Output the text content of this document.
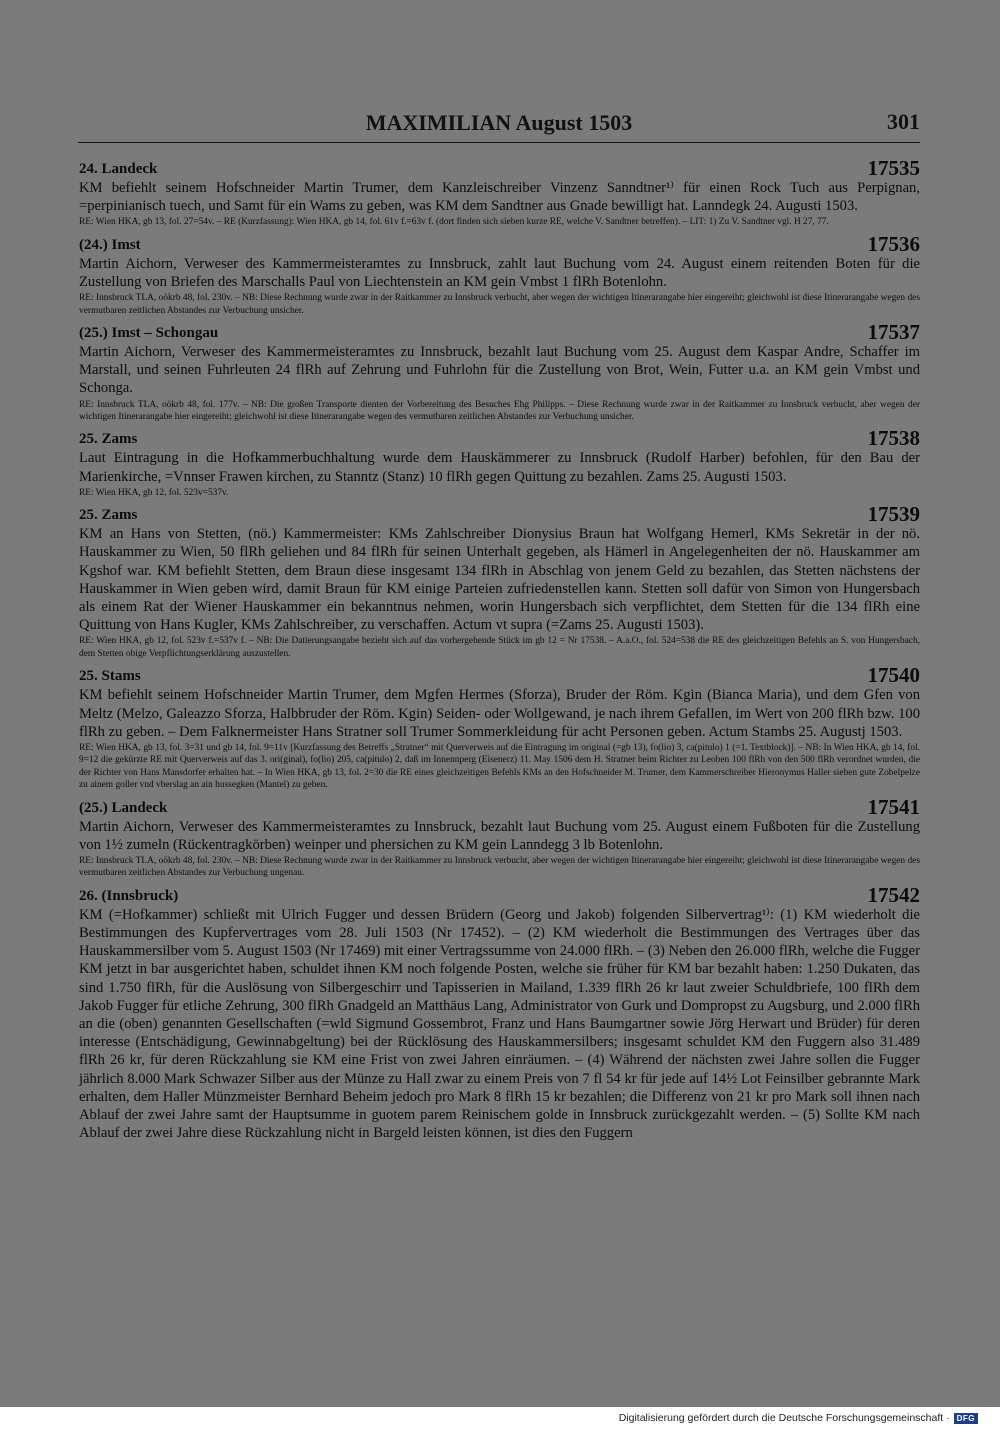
MAXIMILIAN August 1503	301
24. Landeck	17535
KM befiehlt seinem Hofschneider Martin Trumer, dem Kanzleischreiber Vinzenz Sanndtner¹⁾ für einen Rock Tuch aus Perpignan, =perpinianisch tuech, und Samt für ein Wams zu geben, was KM dem Sandtner aus Gnade bewilligt hat. Lanndegk 24. Augusti 1503.
RE: Wien HKA, gb 13, fol. 27=54v. – RE (Kurzfassung): Wien HKA, gb 14, fol. 61v f.=63v f. (dort finden sich sieben kurze RE, welche V. Sandtner betreffen). – LIT: 1) Zu V. Sandtner vgl. H 27, 77.
(24.) Imst	17536
Martin Aichorn, Verweser des Kammermeisteramtes zu Innsbruck, zahlt laut Buchung vom 24. August einem reitenden Boten für die Zustellung von Briefen des Marschalls Paul von Liechtenstein an KM gein Vmbst 1 flRh Botenlohn.
RE: Innsbruck TLA, oökrb 48, fol. 230v. – NB: Diese Rechnung wurde zwar in der Raitkammer zu Innsbruck verbucht, aber wegen der wichtigen Itinerarangabe hier eingereiht; gleichwohl ist diese Itinerarangabe wegen des vermutbaren zeitlichen Abstandes zur Verbuchung unsicher.
(25.) Imst – Schongau	17537
Martin Aichorn, Verweser des Kammermeisteramtes zu Innsbruck, bezahlt laut Buchung vom 25. August dem Kaspar Andre, Schaffer im Marstall, und seinen Fuhrleuten 24 flRh auf Zehrung und Fuhrlohn für die Zustellung von Brot, Wein, Futter u.a. an KM gein Vmbst und Schonga.
RE: Innsbruck TLA, oökrb 48, fol. 177v. – NB: Die großen Transporte dienten der Vorbereitung des Besuches Ehg Philipps. – Diese Rechnung wurde zwar in der Raitkammer zu Innsbruck verbucht, aber wegen der wichtigen Itinerarangabe hier eingereiht; gleichwohl ist diese Itinerarangabe wegen des vermutbaren zeitlichen Abstandes zur Verbuchung unsicher.
25. Zams	17538
Laut Eintragung in die Hofkammerbuchhaltung wurde dem Hauskämmerer zu Innsbruck (Rudolf Harber) befohlen, für den Bau der Marienkirche, =Vnnser Frawen kirchen, zu Stanntz (Stanz) 10 flRh gegen Quittung zu bezahlen. Zams 25. Augusti 1503.
RE: Wien HKA, gb 12, fol. 523v=537v.
25. Zams	17539
KM an Hans von Stetten, (nö.) Kammermeister: KMs Zahlschreiber Dionysius Braun hat Wolfgang Hemerl, KMs Sekretär in der nö. Hauskammer zu Wien, 50 flRh geliehen und 84 flRh für seinen Unterhalt gegeben, als Hämerl in Angelegenheiten der nö. Hauskammer am Kgshof war. KM befiehlt Stetten, dem Braun diese insgesamt 134 flRh in Abschlag von jenem Geld zu bezahlen, das Stetten nächstens der Hauskammer in Wien geben wird, damit Braun für KM einige Parteien zufriedenstellen kann. Stetten soll dafür von Simon von Hungersbach als einem Rat der Wiener Hauskammer ein bekanntnus nehmen, worin Hungersbach sich verpflichtet, dem Stetten für die 134 flRh eine Quittung von Hans Kugler, KMs Zahlschreiber, zu verschaffen. Actum vt supra (=Zams 25. Augusti 1503).
RE: Wien HKA, gb 12, fol. 523v f.=537v f. – NB: Die Datierungsangabe bezieht sich auf das vorhergehende Stück im gb 12 = Nr 17538. – A.a.O., fol. 524=538 die RE des gleichzeitigen Befehls an S. von Hungersbach, dem Stetten obige Verpflichtungserklärung auszustellen.
25. Stams	17540
KM befiehlt seinem Hofschneider Martin Trumer, dem Mgfen Hermes (Sforza), Bruder der Röm. Kgin (Bianca Maria), und dem Gfen von Meltz (Melzo, Galeazzo Sforza, Halbbruder der Röm. Kgin) Seiden- oder Wollgewand, je nach ihrem Gefallen, im Wert von 200 flRh bzw. 100 flRh zu geben. – Dem Falknermeister Hans Stratner soll Trumer Sommerkleidung für acht Personen geben. Actum Stambs 25. Augustj 1503.
RE: Wien HKA, gb 13, fol. 3=31 und gb 14, fol. 9=11v [Kurzfassung des Betreffs „Stratner“ mit Querverweis auf die Eintragung im original (=gb 13), fo(lio) 3, ca(pitulo) 1 (=1. Textblock)]. – NB: In Wien HKA, gb 14, fol. 9=12 die gekürzte RE mit Querverweis auf das 3. ori(ginal), fo(lio) 205, ca(pitulo) 2, daß im Innennperg (Eisenerz) 11. May 1506 dem H. Stratner beim Richter zu Leoben 100 flRh von den 500 flRh verordnet wurden, die der Richter von Hans Mansdorfer erhalten hat. – In Wien HKA, gb 13, fol. 2=30 die RE eines gleichzeitigen Befehls KMs an den Hofschneider M. Trumer, dem Kammerschreiber Hieronymus Haller sieben gute Zobelpelze zu ainem goller vnd vberslag an ain hussegken (Mantel) zu geben.
(25.) Landeck	17541
Martin Aichorn, Verweser des Kammermeisteramtes zu Innsbruck, bezahlt laut Buchung vom 25. August einem Fußboten für die Zustellung von 1½ zumeln (Rückentragkörben) weinper und phersichen zu KM gein Lanndegg 3 lb Botenlohn.
RE: Innsbruck TLA, oökrb 48, fol. 230v. – NB: Diese Rechnung wurde zwar in der Raitkammer zu Innsbruck verbucht, aber wegen der wichtigen Itinerarangabe hier eingereiht; gleichwohl ist diese Itinerarangabe wegen des vermutbaren zeitlichen Abstandes zur Verbuchung ungenau.
26. (Innsbruck)	17542
KM (=Hofkammer) schließt mit Ulrich Fugger und dessen Brüdern (Georg und Jakob) folgenden Silbervertrag¹⁾: (1) KM wiederholt die Bestimmungen des Kupfervertrages vom 28. Juli 1503 (Nr 17452). – (2) KM wiederholt die Bestimmungen des Vertrages über das Hauskammersilber vom 5. August 1503 (Nr 17469) mit einer Vertragssumme von 24.000 flRh. – (3) Neben den 26.000 flRh, welche die Fugger KM jetzt in bar ausgerichtet haben, schuldet ihnen KM noch folgende Posten, welche sie früher für KM bar bezahlt haben: 1.250 Dukaten, das sind 1.750 flRh, für die Auslösung von Silbergeschirr und Tapisserien in Mailand, 1.339 flRh 26 kr laut zweier Schuldbriefe, 100 flRh dem Jakob Fugger für etliche Zehrung, 300 flRh Gnadgeld an Matthäus Lang, Administrator von Gurk und Dompropst zu Augsburg, und 2.000 flRh an die (oben) genannten Gesellschaften (=wld Sigmund Gossembrot, Franz und Hans Baumgartner sowie Jörg Herwart und Brüder) für deren interesse (Entschädigung, Gewinnabgeltung) bei der Rücklösung des Hauskammersilbers; insgesamt schuldet KM den Fuggern also 31.489 flRh 26 kr, für deren Rückzahlung sie KM eine Frist von zwei Jahren einräumen. – (4) Während der nächsten zwei Jahre sollen die Fugger jährlich 8.000 Mark Schwazer Silber aus der Münze zu Hall zwar zu einem Preis von 7 fl 54 kr für jede auf 14½ Lot Feinsilber gebrannte Mark erhalten, dem Haller Münzmeister Bernhard Beheim jedoch pro Mark 8 flRh 15 kr bezahlen; die Differenz von 21 kr pro Mark soll ihnen nach Ablauf der zwei Jahre samt der Hauptsumme in guotem parem Reinischem golde in Innsbruck zurückgezahlt werden. – (5) Sollte KM nach Ablauf der zwei Jahre diese Rückzahlung nicht in Bargeld leisten können, ist dies den Fuggern
Digitalisierung gefördert durch die Deutsche Forschungsgemeinschaft · DFG
